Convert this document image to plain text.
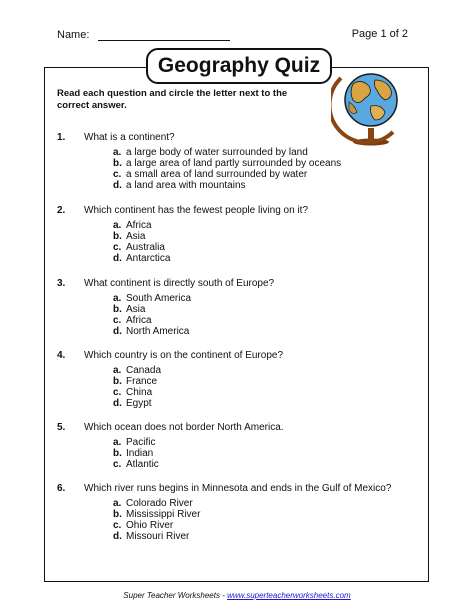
Name:	Page 1 of 2
Geography Quiz
Read each question and circle the letter next to the correct answer.
1. What is a continent?
a. a large body of water surrounded by land
b. a large area of land partly surrounded by oceans
c. a small area of land surrounded by water
d. a land area with mountains
2. Which continent has the fewest people living on it?
a. Africa
b. Asia
c. Australia
d. Antarctica
3. What continent is directly south of Europe?
a. South America
b. Asia
c. Africa
d. North America
4. Which country is on the continent of Europe?
a. Canada
b. France
c. China
d. Egypt
5. Which ocean does not border North America.
a. Pacific
b. Indian
c. Atlantic
6. Which river runs begins in Minnesota and ends in the Gulf of Mexico?
a. Colorado River
b. Mississippi River
c. Ohio River
d. Missouri River
Super Teacher Worksheets - www.superteacherworksheets.com
